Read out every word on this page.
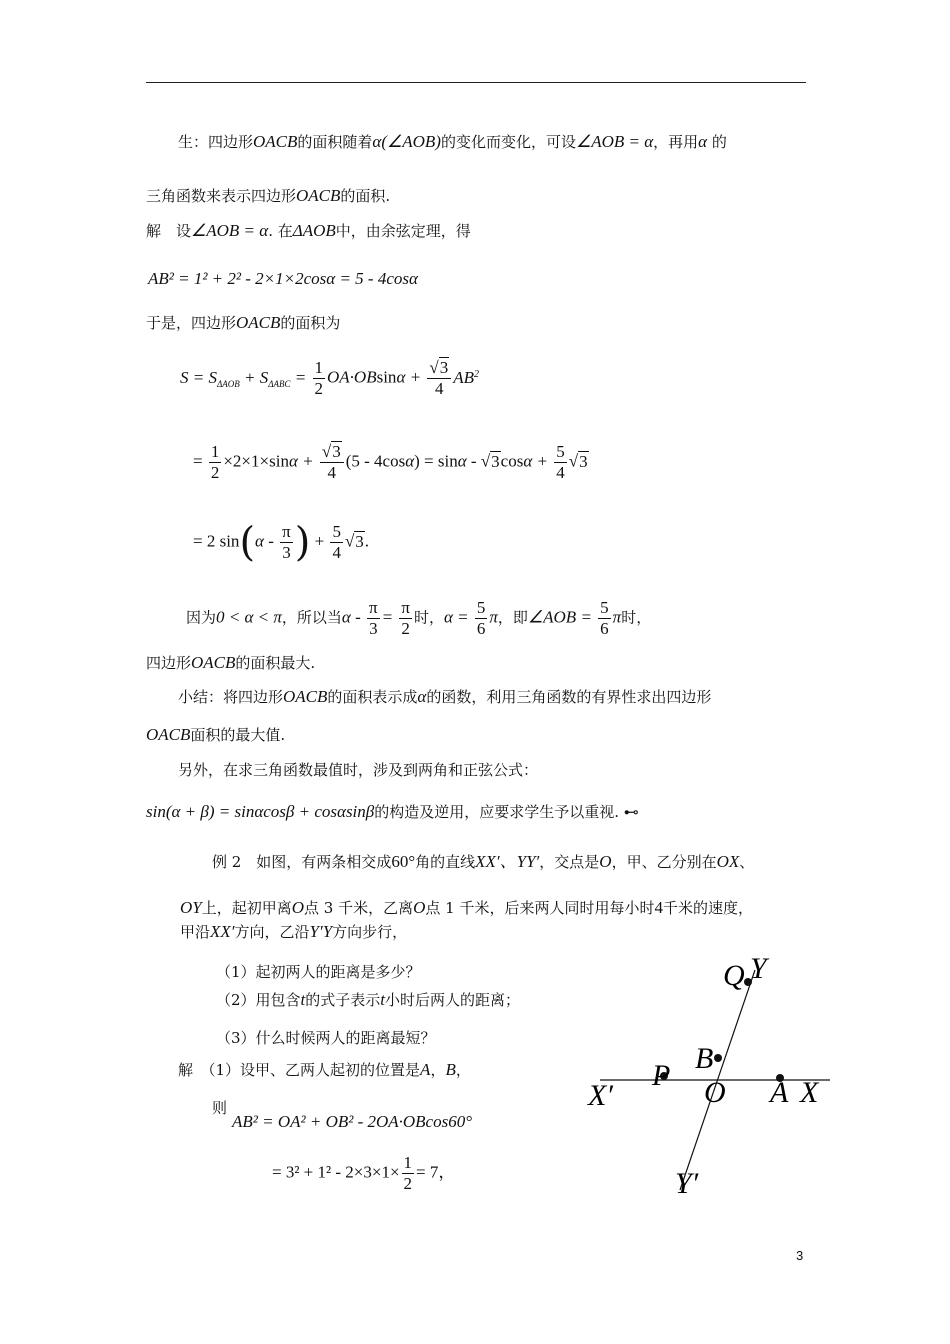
生：四边形OACB的面积随着α(∠AOB)的变化而变化，可设∠AOB = α，再用α 的
三角函数来表示四边形OACB的面积.
解　设∠AOB = α. 在ΔAOB中，由余弦定理，得
AB² = 1² + 2² - 2×1×2cosα = 5 - 4cosα
于是，四边形OACB的面积为
$S = S_{\Delta AOB} + S_{\Delta ABC} = \frac{1}{2} OA\cdot OBsin\alpha + \frac{√3}{4} AB^2$
= $\frac{1}{2} \times 2\times 1\times\sin\alpha + \frac{√3}{4} (5 - 4\cos\alpha) = \sin\alpha - √3\cos\alpha + \frac{5}{4} √3$
= 2 $\sin(\alpha - \frac{\pi}{3}$ ) + $\frac{5}{4} √3$.
因为0 < α < π，所以当$\alpha - \frac{\pi}{3} = \frac{\pi}{2}$ 时，$\alpha = \frac{5}{6}$ π，即∠AOB = $\frac{5}{6}$ π时，
四边形OACB的面积最大.
小结：将四边形OACB的面积表示成α的函数，利用三角函数的有界性求出四边形
OACB面积的最大值.
另外，在求三角函数最值时，涉及到两角和正弦公式：
sin(α + β) = sinαcosβ + cosαsinβ的构造及逆用，应要求学生予以重视. ⊷
例 2　如图，有两条相交成60°角的直线XX′、YY′，交点是O，甲、乙分别在OX、
OY上，起初甲离O点 3 千米，乙离O点 1 千米，后来两人同时用每小时4千米的速度，
甲沿XX′方向，乙沿Y′Y方向步行，
（1）起初两人的距离是多少？
（2）用包含t的式子表示t小时后两人的距离；
（3）什么时候两人的距离最短？
解　（1）设甲、乙两人起初的位置是A，B，
则
AB² = OA² + OB² - 2OA·OBcos60°
= $3^2 + 1^2 - 2\times 3\times 1\times \frac{1}{2} = 7$，
Q Y
B
P
O A X
X′
Y′
3
